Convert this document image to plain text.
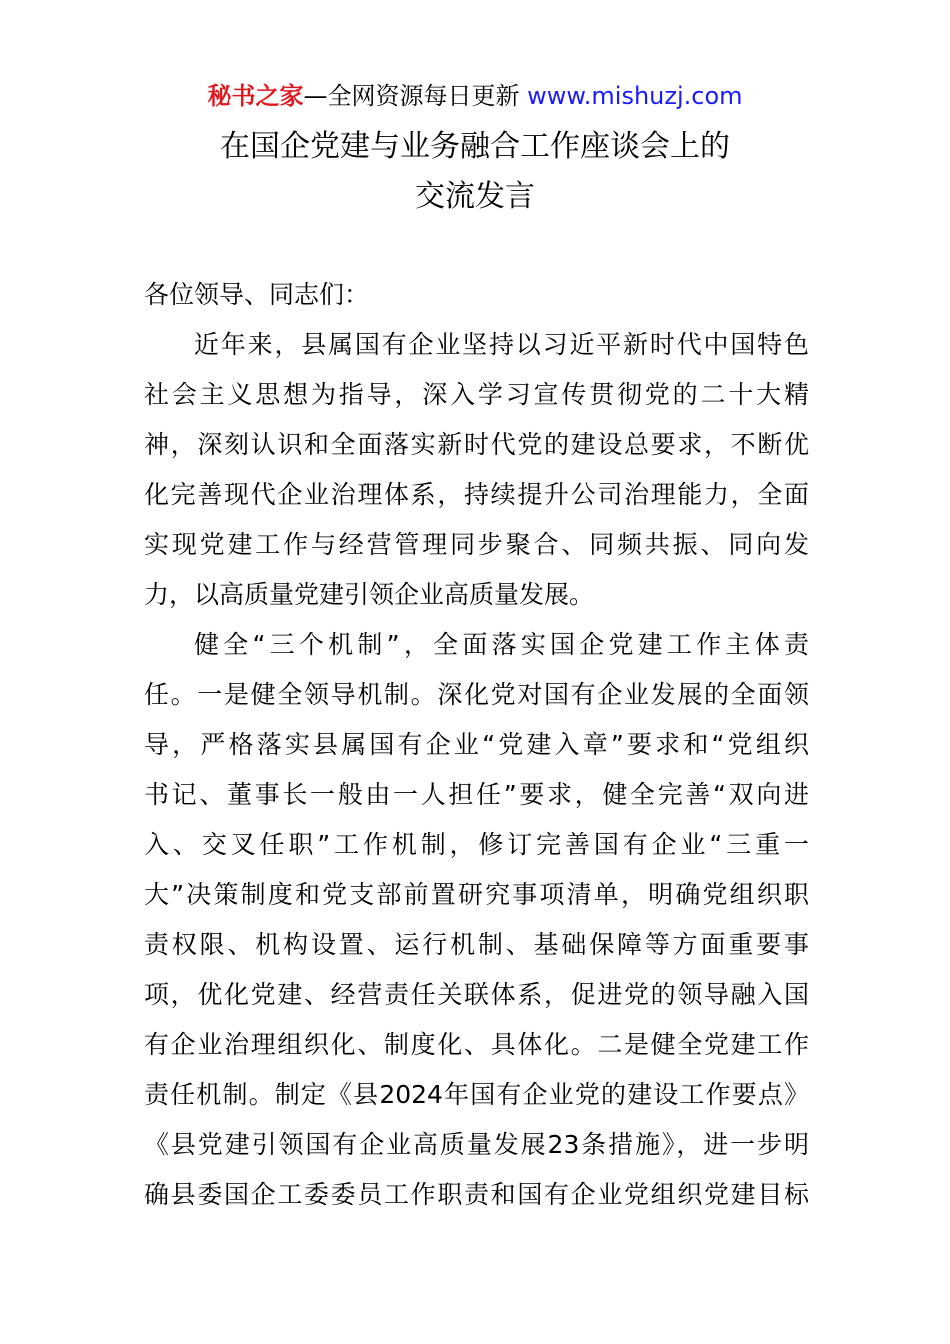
秘书之家—全网资源每日更新 www.mishuzj.com
在国企党建与业务融合工作座谈会上的
交流发言
各位领导、同志们：
近年来，县属国有企业坚持以习近平新时代中国特色
社会主义思想为指导，深入学习宣传贯彻党的二十大精
神，深刻认识和全面落实新时代党的建设总要求，不断优
化完善现代企业治理体系，持续提升公司治理能力，全面
实现党建工作与经营管理同步聚合、同频共振、同向发
力，以高质量党建引领企业高质量发展。
健全“三个机制”，全面落实国企党建工作主体责
任。一是健全领导机制。深化党对国有企业发展的全面领
导，严格落实县属国有企业“党建入章”要求和“党组织
书记、董事长一般由一人担任”要求，健全完善“双向进
入、交叉任职”工作机制，修订完善国有企业“三重一
大”决策制度和党支部前置研究事项清单，明确党组织职
责权限、机构设置、运行机制、基础保障等方面重要事
项，优化党建、经营责任关联体系，促进党的领导融入国
有企业治理组织化、制度化、具体化。二是健全党建工作
责任机制。制定《县2024年国有企业党的建设工作要点》
《县党建引领国有企业高质量发展23条措施》，进一步明
确县委国企工委委员工作职责和国有企业党组织党建目标
